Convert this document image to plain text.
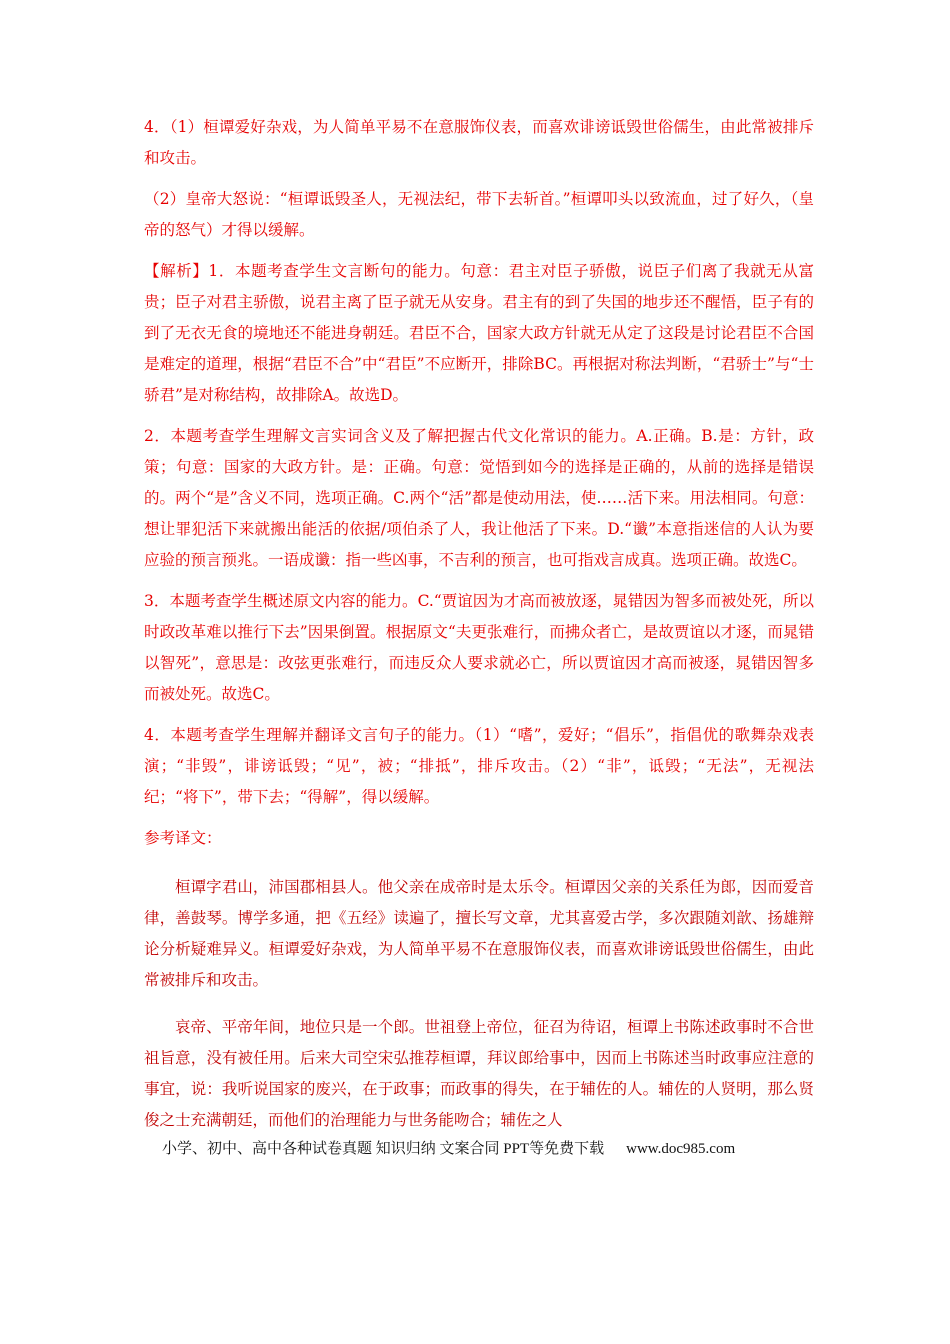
4．（1）桓谭爱好杂戏，为人简单平易不在意服饰仪表，而喜欢诽谤诋毁世俗儒生，由此常被排斥和攻击。

（2）皇帝大怒说：“桓谭诋毁圣人，无视法纪，带下去斩首。”桓谭叩头以致流血，过了好久，（皇帝的怒气）才得以缓解。

【解析】1．本题考查学生文言断句的能力。句意：君主对臣子骄傲，说臣子们离了我就无从富贵；臣子对君主骄傲，说君主离了臣子就无从安身。君主有的到了失国的地步还不醒悟，臣子有的到了无衣无食的境地还不能进身朝廷。君臣不合，国家大政方针就无从定了这段是讨论君臣不合国是难定的道理，根据“君臣不合”中“君臣”不应断开，排除BC。再根据对称法判断，“君骄士”与“士骄君”是对称结构，故排除A。故选D。

2．本题考查学生理解文言实词含义及了解把握古代文化常识的能力。A.正确。B.是：方针，政策；句意：国家的大政方针。是：正确。句意：觉悟到如今的选择是正确的，从前的选择是错误的。两个“是”含义不同，选项正确。C.两个“活”都是使动用法，使……活下来。用法相同。句意：想让罪犯活下来就搬出能活的依据/项伯杀了人，我让他活了下来。D.“谶”本意指迷信的人认为要应验的预言预兆。一语成谶：指一些凶事，不吉利的预言，也可指戏言成真。选项正确。故选C。

3．本题考查学生概述原文内容的能力。C.“贾谊因为才高而被放逐，晁错因为智多而被处死，所以时政改革难以推行下去”因果倒置。根据原文“夫更张难行，而拂众者亡，是故贾谊以才逐，而晁错以智死”，意思是：改弦更张难行，而违反众人要求就必亡，所以贾谊因才高而被逐，晁错因智多而被处死。故选C。

4．本题考查学生理解并翻译文言句子的能力。（1）“嗜”，爱好；“倡乐”，指倡优的歌舞杂戏表演；“非毁”，诽谤诋毁；“见”，被；“排抵”，排斥攻击。（2）“非”，诋毁；“无法”，无视法纪；“将下”，带下去；“得解”，得以缓解。

参考译文：

桓谭字君山，沛国郡相县人。他父亲在成帝时是太乐令。桓谭因父亲的关系任为郎，因而爱音律，善鼓琴。博学多通，把《五经》读遍了，擅长写文章，尤其喜爱古学，多次跟随刘歆、扬雄辩论分析疑难异义。桓谭爱好杂戏，为人简单平易不在意服饰仪表，而喜欢诽谤诋毁世俗儒生，由此常被排斥和攻击。

哀帝、平帝年间，地位只是一个郎。世祖登上帝位，征召为待诏，桓谭上书陈述政事时不合世祖旨意，没有被任用。后来大司空宋弘推荐桓谭，拜议郎给事中，因而上书陈述当时政事应注意的事宜，说：我听说国家的废兴，在于政事；而政事的得失，在于辅佐的人。辅佐的人贤明，那么贤俊之士充满朝廷，而他们的治理能力与世务能吻合；辅佐之人

小学、初中、高中各种试卷真题 知识归纳 文案合同 PPT等免费下载 www.doc985.com
